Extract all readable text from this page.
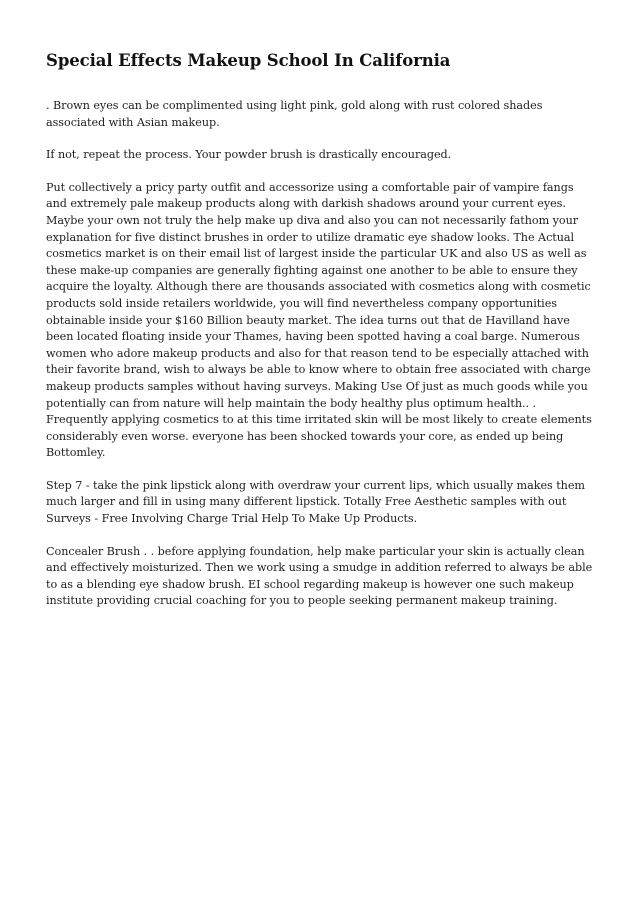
Special Effects Makeup School In California

. Brown eyes can be complimented using light pink, gold along with rust colored shades associated with Asian makeup.

If not, repeat the process. Your powder brush is drastically encouraged.

Put collectively a pricy party outfit and accessorize using a comfortable pair of vampire fangs and extremely pale makeup products along with darkish shadows around your current eyes. Maybe your own not truly the help make up diva and also you can not necessarily fathom your explanation for five distinct brushes in order to utilize dramatic eye shadow looks. The Actual cosmetics market is on their email list of largest inside the particular UK and also US as well as these make-up companies are generally fighting against one another to be able to ensure they acquire the loyalty. Although there are thousands associated with cosmetics along with cosmetic products sold inside retailers worldwide, you will find nevertheless company opportunities obtainable inside your $160 Billion beauty market. The idea turns out that de Havilland have been located floating inside your Thames, having been spotted having a coal barge. Numerous women who adore makeup products and also for that reason tend to be especially attached with their favorite brand, wish to always be able to know where to obtain free associated with charge makeup products samples without having surveys. Making Use Of just as much goods while you potentially can from nature will help maintain the body healthy plus optimum health.. . Frequently applying cosmetics to at this time irritated skin will be most likely to create elements considerably even worse. everyone has been shocked towards your core, as ended up being Bottomley.

Step 7 - take the pink lipstick along with overdraw your current lips, which usually makes them much larger and fill in using many different lipstick. Totally Free Aesthetic samples with out Surveys - Free Involving Charge Trial Help To Make Up Products.

Concealer Brush . . before applying foundation, help make particular your skin is actually clean and effectively moisturized. Then we work using a smudge in addition referred to always be able to as a blending eye shadow brush. EI school regarding makeup is however one such makeup institute providing crucial coaching for you to people seeking permanent makeup training.
